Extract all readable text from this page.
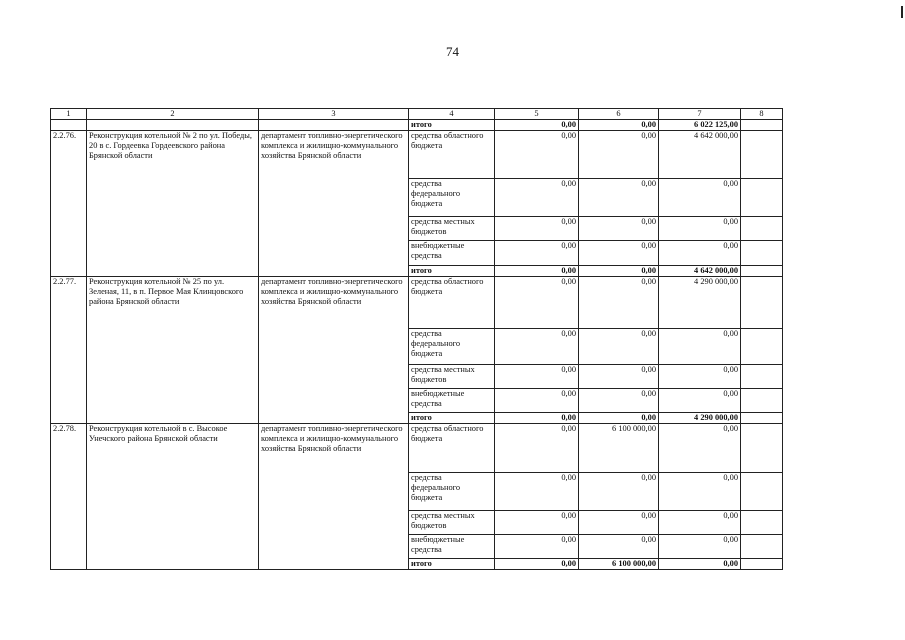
74
1	2	3	4	5	6	7	8
			итого	0,00	0,00	6 022 125,00	
2.2.76.	Реконструкция котельной № 2 по ул. Победы, 20 в с. Гордеевка Гордеевского района Брянской области	департамент топливно-энергетического комплекса и жилищно-коммунального хозяйства Брянской области	средства областного бюджета	0,00	0,00	4 642 000,00	
			средства федерального бюджета	0,00	0,00	0,00	
			средства местных бюджетов	0,00	0,00	0,00	
			внебюджетные средства	0,00	0,00	0,00	
			итого	0,00	0,00	4 642 000,00	
2.2.77.	Реконструкция котельной № 25 по ул. Зеленая, 11, в п. Первое Мая Клинцовского района Брянской области	департамент топливно-энергетического комплекса и жилищно-коммунального хозяйства Брянской области	средства областного бюджета	0,00	0,00	4 290 000,00	
			средства федерального бюджета	0,00	0,00	0,00	
			средства местных бюджетов	0,00	0,00	0,00	
			внебюджетные средства	0,00	0,00	0,00	
			итого	0,00	0,00	4 290 000,00	
2.2.78.	Реконструкция котельной в с. Высокое Унечского района Брянской области	департамент топливно-энергетического комплекса и жилищно-коммунального хозяйства Брянской области	средства областного бюджета	0,00	6 100 000,00	0,00	
			средства федерального бюджета	0,00	0,00	0,00	
			средства местных бюджетов	0,00	0,00	0,00	
			внебюджетные средства	0,00	0,00	0,00	
			итого	0,00	6 100 000,00	0,00	
